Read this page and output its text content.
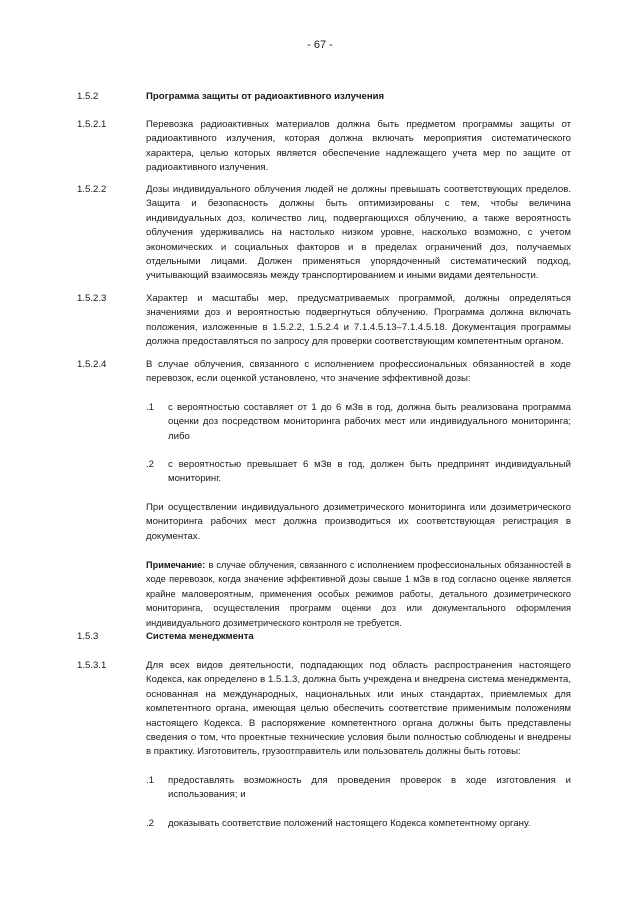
- 67 -
1.5.2	Программа защиты от радиоактивного излучения
1.5.2.1	Перевозка радиоактивных материалов должна быть предметом программы защиты от радиоактивного излучения, которая должна включать мероприятия систематического характера, целью которых является обеспечение надлежащего учета мер по защите от радиоактивного излучения.
1.5.2.2	Дозы индивидуального облучения людей не должны превышать соответствующих пределов. Защита и безопасность должны быть оптимизированы с тем, чтобы величина индивидуальных доз, количество лиц, подвергающихся облучению, а также вероятность облучения удерживались на настолько низком уровне, насколько возможно, с учетом экономических и социальных факторов и в пределах ограничений доз, получаемых отдельными лицами. Должен применяться упорядоченный систематический подход, учитывающий взаимосвязь между транспортированием и иными видами деятельности.
1.5.2.3	Характер и масштабы мер, предусматриваемых программой, должны определяться значениями доз и вероятностью подвергнуться облучению. Программа должна включать положения, изложенные в 1.5.2.2, 1.5.2.4 и 7.1.4.5.13–7.1.4.5.18. Документация программы должна предоставляться по запросу для проверки соответствующим компетентным органом.
1.5.2.4	В случае облучения, связанного с исполнением профессиональных обязанностей в ходе перевозок, если оценкой установлено, что значение эффективной дозы:
.1 с вероятностью составляет от 1 до 6 мЗв в год, должна быть реализована программа оценки доз посредством мониторинга рабочих мест или индивидуального мониторинга; либо
.2 с вероятностью превышает 6 мЗв в год, должен быть предпринят индивидуальный мониторинг.
При осуществлении индивидуального дозиметрического мониторинга или дозиметрического мониторинга рабочих мест должна производиться их соответствующая регистрация в документах.
Примечание: в случае облучения, связанного с исполнением профессиональных обязанностей в ходе перевозок, когда значение эффективной дозы свыше 1 мЗв в год согласно оценке является крайне маловероятным, применения особых режимов работы, детального дозиметрического мониторинга, осуществления программ оценки доз или документального оформления индивидуального дозиметрического контроля не требуется.
1.5.3	Система менеджмента
1.5.3.1	Для всех видов деятельности, подпадающих под область распространения настоящего Кодекса, как определено в 1.5.1.3, должна быть учреждена и внедрена система менеджмента, основанная на международных, национальных или иных стандартах, приемлемых для компетентного органа, имеющая целью обеспечить соответствие применимым положениям настоящего Кодекса. В распоряжение компетентного органа должны быть представлены сведения о том, что проектные технические условия были полностью соблюдены и внедрены в практику. Изготовитель, грузоотправитель или пользователь должны быть готовы:
.1 предоставлять возможность для проведения проверок в ходе изготовления и использования; и
.2 доказывать соответствие положений настоящего Кодекса компетентному органу.
